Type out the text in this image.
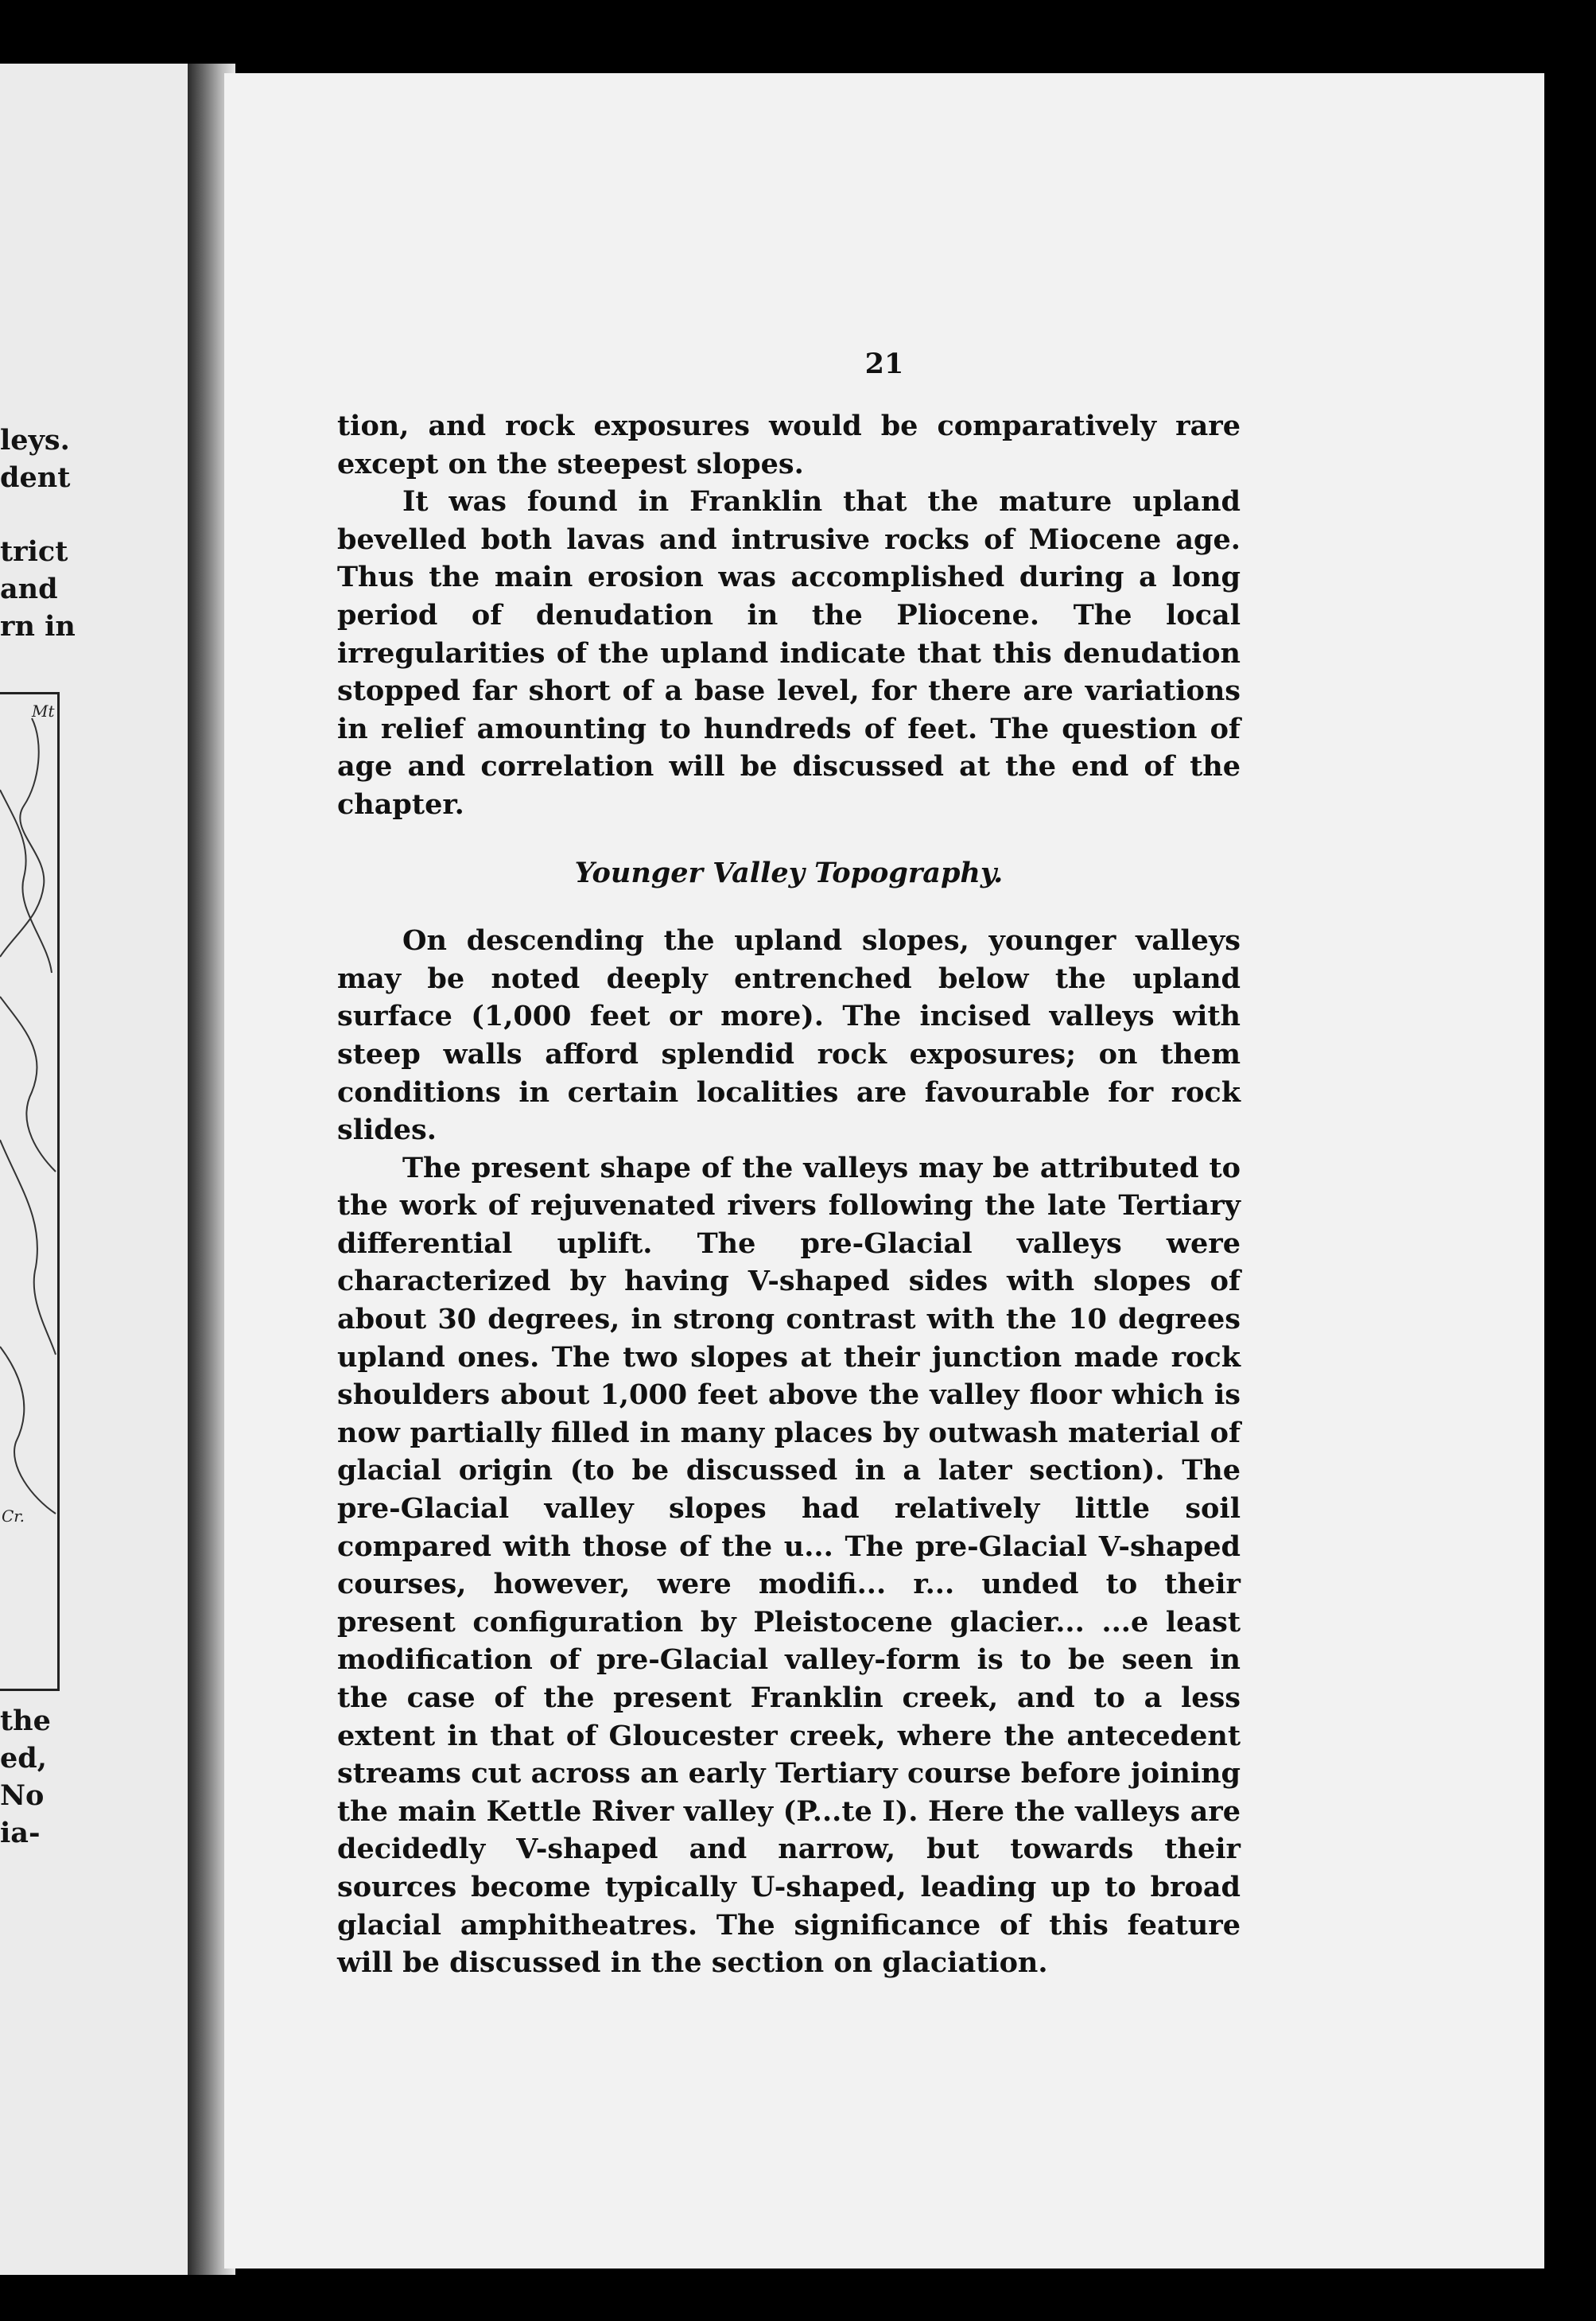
leys.
dent
trict
and
rn in
Mt
Cr.
the
ed,
No
ia-
21

tion, and rock exposures would be comparatively rare except on the steepest slopes.

It was found in Franklin that the mature upland bevelled both lavas and intrusive rocks of Miocene age. Thus the main erosion was accomplished during a long period of denudation in the Pliocene. The local irregularities of the upland indicate that this denudation stopped far short of a base level, for there are variations in relief amounting to hundreds of feet. The question of age and correlation will be discussed at the end of the chapter.

Younger Valley Topography.

On descending the upland slopes, younger valleys may be noted deeply entrenched below the upland surface (1,000 feet or more). The incised valleys with steep walls afford splendid rock exposures; on them conditions in certain localities are favourable for rock slides.

The present shape of the valleys may be attributed to the work of rejuvenated rivers following the late Tertiary differential uplift. The pre-Glacial valleys were characterized by having V-shaped sides with slopes of about 30 degrees, in strong contrast with the 10 degrees upland ones. The two slopes at their junction made rock shoulders about 1,000 feet above the valley floor which is now partially filled in many places by outwash material of glacial origin (to be discussed in a later section). The pre-Glacial valley slopes had relatively little soil compared with those of the u... The pre-Glacial V-shaped courses, however, were modifi... r... unded to their present configuration by Pleistocene glacier... ...e least modification of pre-Glacial valley-form is to be seen in the case of the present Franklin creek, and to a less extent in that of Gloucester creek, where the antecedent streams cut across an early Tertiary course before joining the main Kettle River valley (P...te I). Here the valleys are decidedly V-shaped and narrow, but towards their sources become typically U-shaped, leading up to broad glacial amphitheatres. The significance of this feature will be discussed in the section on glaciation.
